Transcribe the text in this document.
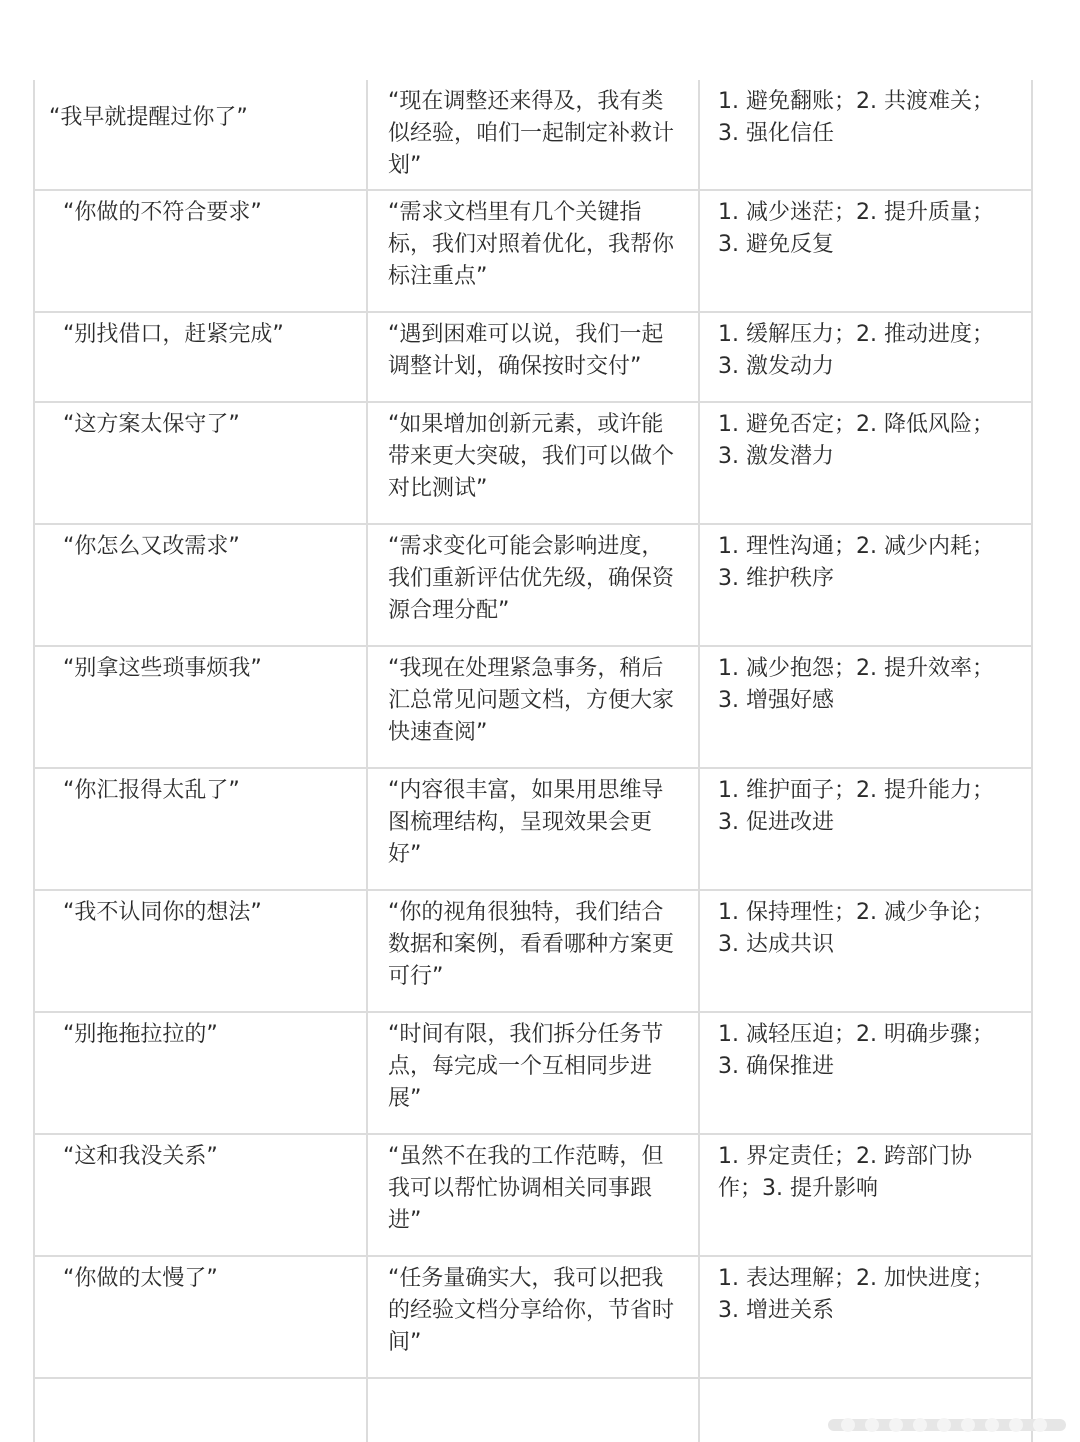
“我早就提醒过你了”	“现在调整还来得及，我有类似经验，咱们一起制定补救计划”	1. 避免翻账；2. 共渡难关；3. 强化信任
“你做的不符合要求”	“需求文档里有几个关键指标，我们对照着优化，我帮你标注重点”	1. 减少迷茫；2. 提升质量；3. 避免反复
“别找借口，赶紧完成”	“遇到困难可以说，我们一起调整计划，确保按时交付”	1. 缓解压力；2. 推动进度；3. 激发动力
“这方案太保守了”	“如果增加创新元素，或许能带来更大突破，我们可以做个对比测试”	1. 避免否定；2. 降低风险；3. 激发潜力
“你怎么又改需求”	“需求变化可能会影响进度，我们重新评估优先级，确保资源合理分配”	1. 理性沟通；2. 减少内耗；3. 维护秩序
“别拿这些琐事烦我”	“我现在处理紧急事务，稍后汇总常见问题文档，方便大家快速查阅”	1. 减少抱怨；2. 提升效率；3. 增强好感
“你汇报得太乱了”	“内容很丰富，如果用思维导图梳理结构，呈现效果会更好”	1. 维护面子；2. 提升能力；3. 促进改进
“我不认同你的想法”	“你的视角很独特，我们结合数据和案例，看看哪种方案更可行”	1. 保持理性；2. 减少争论；3. 达成共识
“别拖拖拉拉的”	“时间有限，我们拆分任务节点，每完成一个互相同步进展”	1. 减轻压迫；2. 明确步骤；3. 确保推进
“这和我没关系”	“虽然不在我的工作范畴，但我可以帮忙协调相关同事跟进”	1. 界定责任；2. 跨部门协作；3. 提升影响
“你做的太慢了”	“任务量确实大，我可以把我的经验文档分享给你，节省时间”	1. 表达理解；2. 加快进度；3. 增进关系
